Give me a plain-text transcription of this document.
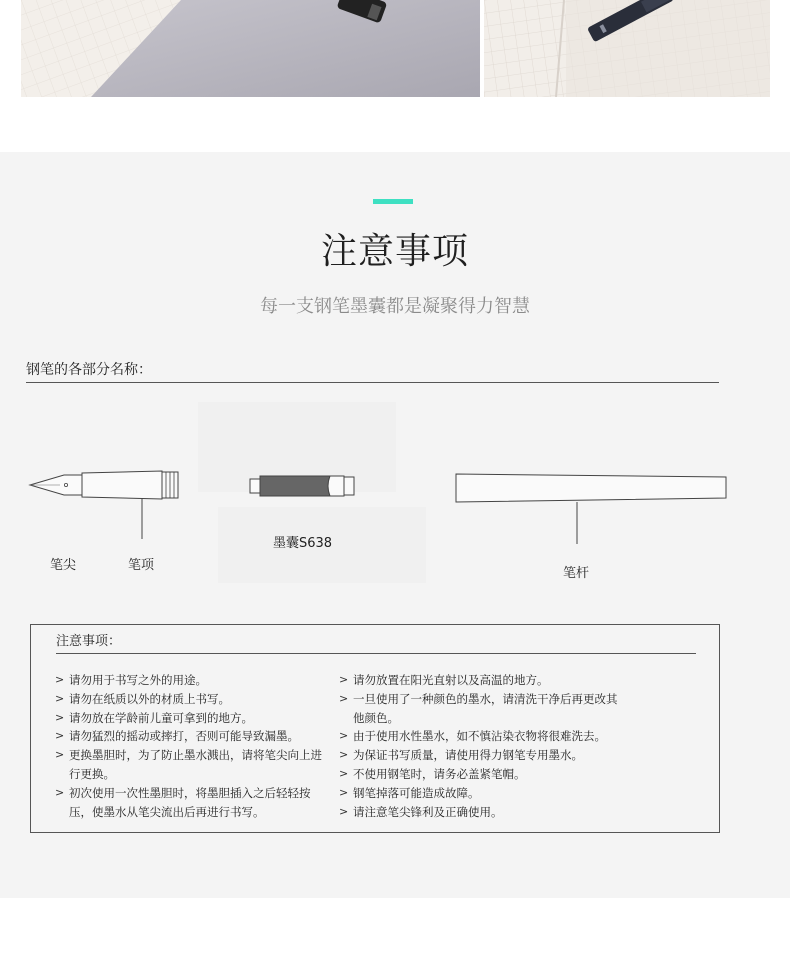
注意事项
每一支钢笔墨囊都是凝聚得力智慧
钢笔的各部分名称：
笔尖	笔项
墨囊S638
笔杆
注意事项：
> 请勿用于书写之外的用途。
> 请勿在纸质以外的材质上书写。
> 请勿放在学龄前儿童可拿到的地方。
> 请勿猛烈的摇动或摔打，否则可能导致漏墨。
> 更换墨胆时，为了防止墨水溅出，请将笔尖向上进行更换。
> 初次使用一次性墨胆时，将墨胆插入之后轻轻按压，使墨水从笔尖流出后再进行书写。
> 请勿放置在阳光直射以及高温的地方。
> 一旦使用了一种颜色的墨水，请清洗干净后再更改其他颜色。
> 由于使用水性墨水，如不慎沾染衣物将很难洗去。
> 为保证书写质量，请使用得力钢笔专用墨水。
> 不使用钢笔时，请务必盖紧笔帽。
> 钢笔掉落可能造成故障。
> 请注意笔尖锋利及正确使用。
